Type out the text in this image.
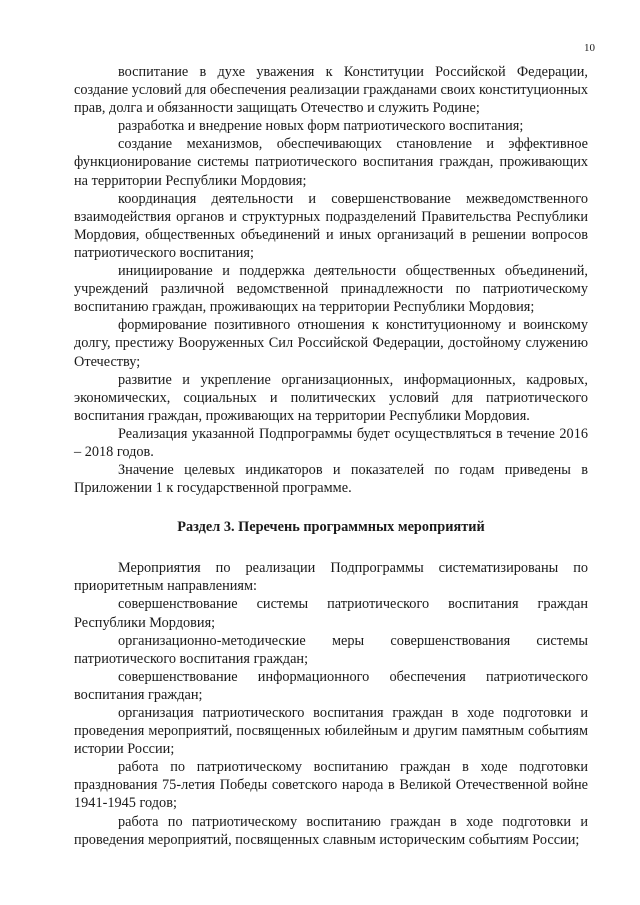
10

воспитание в духе уважения к Конституции Российской Федерации, создание условий для обеспечения реализации гражданами своих конституционных прав, долга и обязанности защищать Отечество и служить Родине;

разработка и внедрение новых форм патриотического воспитания;

создание механизмов, обеспечивающих становление и эффективное функционирование системы патриотического воспитания граждан, проживающих на территории Республики Мордовия;

координация деятельности и совершенствование межведомственного взаимодействия органов и структурных подразделений Правительства Республики Мордовия, общественных объединений и иных организаций в решении вопросов патриотического воспитания;

инициирование и поддержка деятельности общественных объединений, учреждений различной ведомственной принадлежности по патриотическому воспитанию граждан, проживающих на территории Республики Мордовия;

формирование позитивного отношения к конституционному и воинскому долгу, престижу Вооруженных Сил Российской Федерации, достойному служению Отечеству;

развитие и укрепление организационных, информационных, кадровых, экономических, социальных и политических условий для патриотического воспитания граждан, проживающих на территории Республики Мордовия.

Реализация указанной Подпрограммы будет осуществляться в течение 2016 – 2018 годов.

Значение целевых индикаторов и показателей по годам приведены в Приложении 1 к государственной программе.

Раздел 3. Перечень программных мероприятий

Мероприятия по реализации Подпрограммы систематизированы по приоритетным направлениям:

совершенствование системы патриотического воспитания граждан Республики Мордовия;

организационно-методические меры совершенствования системы патриотического воспитания граждан;

совершенствование информационного обеспечения патриотического воспитания граждан;

организация патриотического воспитания граждан в ходе подготовки и проведения мероприятий, посвященных юбилейным и другим памятным событиям истории России;

работа по патриотическому воспитанию граждан в ходе подготовки празднования 75-летия Победы советского народа в Великой Отечественной войне 1941-1945 годов;

работа по патриотическому воспитанию граждан в ходе подготовки и проведения мероприятий, посвященных славным историческим событиям России;
